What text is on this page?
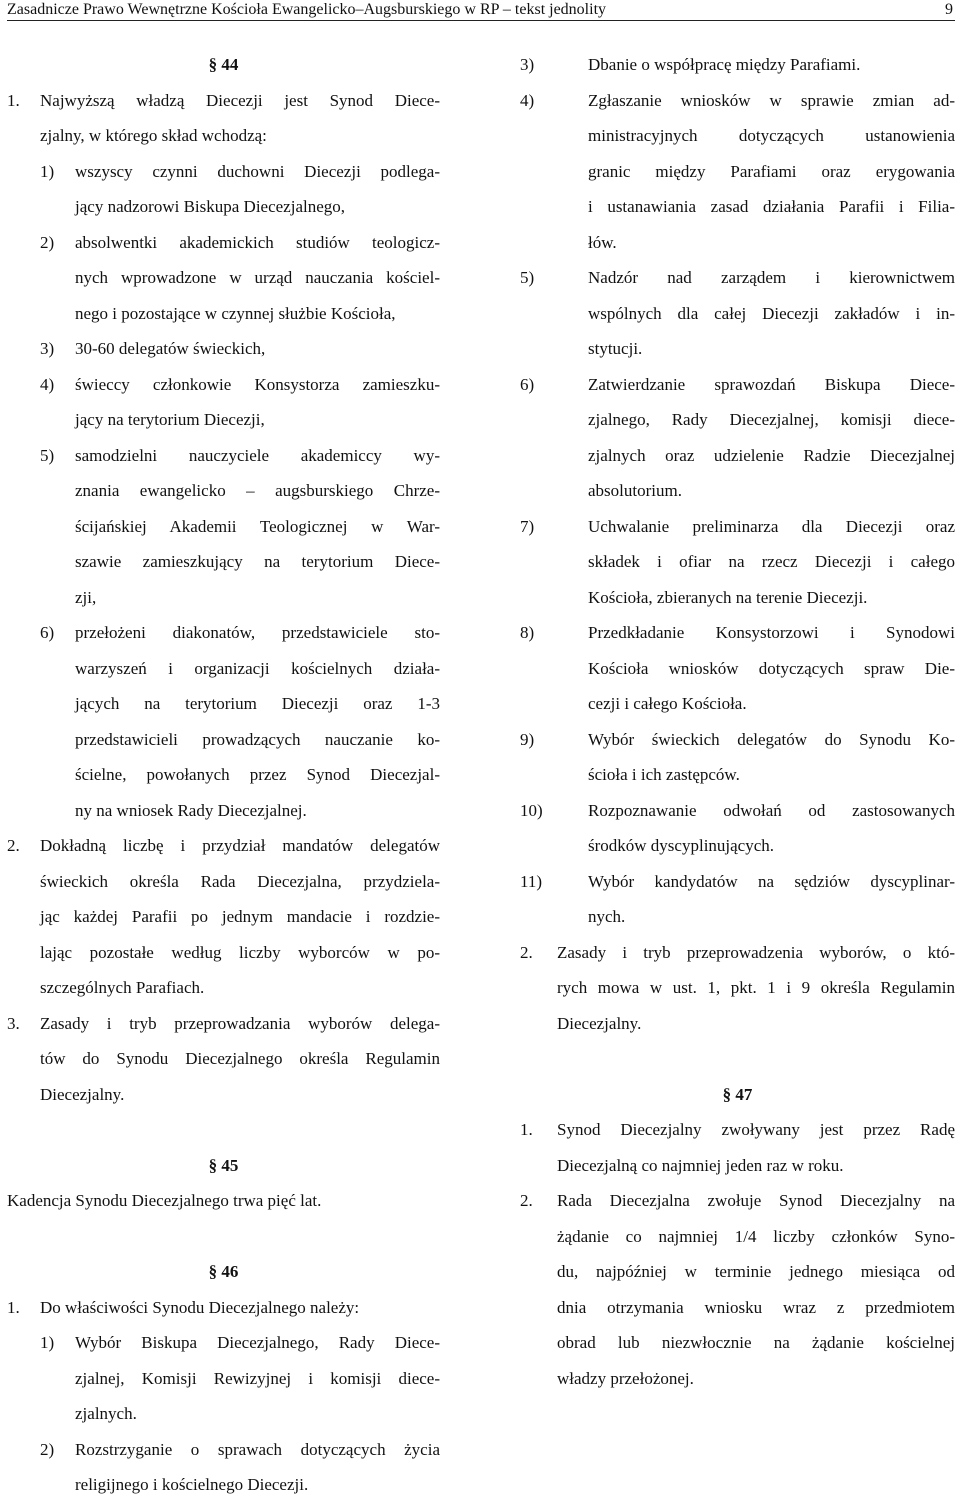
Zasadnicze Prawo Wewnętrzne Kościoła Ewangelicko–Augsburskiego w RP – tekst jednolity	9
§ 44
1. Najwyższą władzą Diecezji jest Synod Diece-
zjalny, w którego skład wchodzą:
1) wszyscy czynni duchowni Diecezji podlega-
jący nadzorowi Biskupa Diecezjalnego,
2) absolwentki akademickich studiów teologicz-
nych wprowadzone w urząd nauczania kościel-
nego i pozostające w czynnej służbie Kościoła,
3) 30-60 delegatów świeckich,
4) świeccy członkowie Konsystorza zamieszku-
jący na terytorium Diecezji,
5) samodzielni nauczyciele akademiccy wy-
znania ewangelicko – augsburskiego Chrze-
ścijańskiej Akademii Teologicznej w War-
szawie zamieszkujący na terytorium Diece-
zji,
6) przełożeni diakonatów, przedstawiciele sto-
warzyszeń i organizacji kościelnych działa-
jących na terytorium Diecezji oraz 1-3
przedstawicieli prowadzących nauczanie ko-
ścielne, powołanych przez Synod Diecezjal-
ny na wniosek Rady Diecezjalnej.
2. Dokładną liczbę i przydział mandatów delegatów
świeckich określa Rada Diecezjalna, przydziela-
jąc każdej Parafii po jednym mandacie i rozdzie-
lając pozostałe według liczby wyborców w po-
szczególnych Parafiach.
3. Zasady i tryb przeprowadzania wyborów delega-
tów do Synodu Diecezjalnego określa Regulamin
Diecezjalny.
§ 45
Kadencja Synodu Diecezjalnego trwa pięć lat.
§ 46
1. Do właściwości Synodu Diecezjalnego należy:
1) Wybór Biskupa Diecezjalnego, Rady Diece-
zjalnej, Komisji Rewizyjnej i komisji diece-
zjalnych.
2) Rozstrzyganie o sprawach dotyczących życia
religijnego i kościelnego Diecezji.
3)	Dbanie o współpracę między Parafiami.
4)	Zgłaszanie wniosków w sprawie zmian ad-
ministracyjnych dotyczących ustanowienia
granic między Parafiami oraz erygowania
i ustanawiania zasad działania Parafii i Filia-
łów.
5)	Nadzór nad zarządem i kierownictwem
wspólnych dla całej Diecezji zakładów i in-
stytucji.
6)	Zatwierdzanie sprawozdań Biskupa Diece-
zjalnego, Rady Diecezjalnej, komisji diece-
zjalnych oraz udzielenie Radzie Diecezjalnej
absolutorium.
7)	Uchwalanie preliminarza dla Diecezji oraz
składek i ofiar na rzecz Diecezji i całego
Kościoła, zbieranych na terenie Diecezji.
8)	Przedkładanie Konsystorzowi i Synodowi
Kościoła wniosków dotyczących spraw Die-
cezji i całego Kościoła.
9)	Wybór świeckich delegatów do Synodu Ko-
ścioła i ich zastępców.
10)	Rozpoznawanie odwołań od zastosowanych
środków dyscyplinujących.
11)	Wybór kandydatów na sędziów dyscyplinar-
nych.
2. Zasady i tryb przeprowadzenia wyborów, o któ-
rych mowa w ust. 1, pkt. 1 i 9 określa Regulamin
Diecezjalny.
§ 47
1. Synod Diecezjalny zwoływany jest przez Radę
Diecezjalną co najmniej jeden raz w roku.
2. Rada Diecezjalna zwołuje Synod Diecezjalny na
żądanie co najmniej 1/4 liczby członków Syno-
du, najpóźniej w terminie jednego miesiąca od
dnia otrzymania wniosku wraz z przedmiotem
obrad lub niezwłocznie na żądanie kościelnej
władzy przełożonej.
